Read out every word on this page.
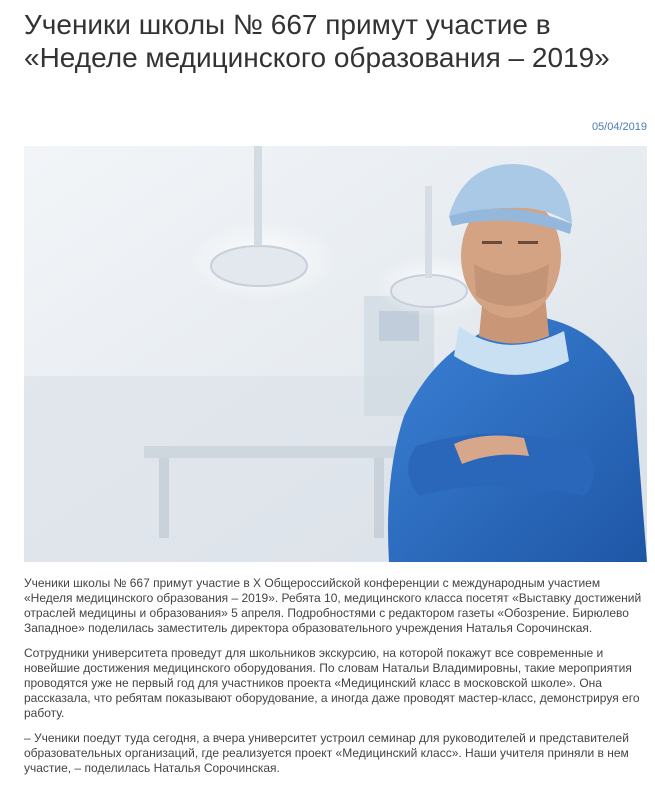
Ученики школы № 667 примут участие в «Неделе медицинского образования – 2019»
05/04/2019

Ученики школы № 667 примут участие в X Общероссийской конференции с международным участием «Неделя медицинского образования – 2019». Ребята 10, медицинского класса посетят «Выставку достижений отраслей медицины и образования» 5 апреля. Подробностями с редактором газеты «Обозрение. Бирюлево Западное» поделилась заместитель директора образовательного учреждения Наталья Сорочинская.

Сотрудники университета проведут для школьников экскурсию, на которой покажут все современные и новейшие достижения медицинского оборудования. По словам Натальи Владимировны, такие мероприятия проводятся уже не первый год для участников проекта «Медицинский класс в московской школе». Она рассказала, что ребятам показывают оборудование, а иногда даже проводят мастер-класс, демонстрируя его работу.

– Ученики поедут туда сегодня, а вчера университет устроил семинар для руководителей и представителей образовательных организаций, где реализуется проект «Медицинский класс». Наши учителя приняли в нем участие, – поделилась Наталья Сорочинская.
